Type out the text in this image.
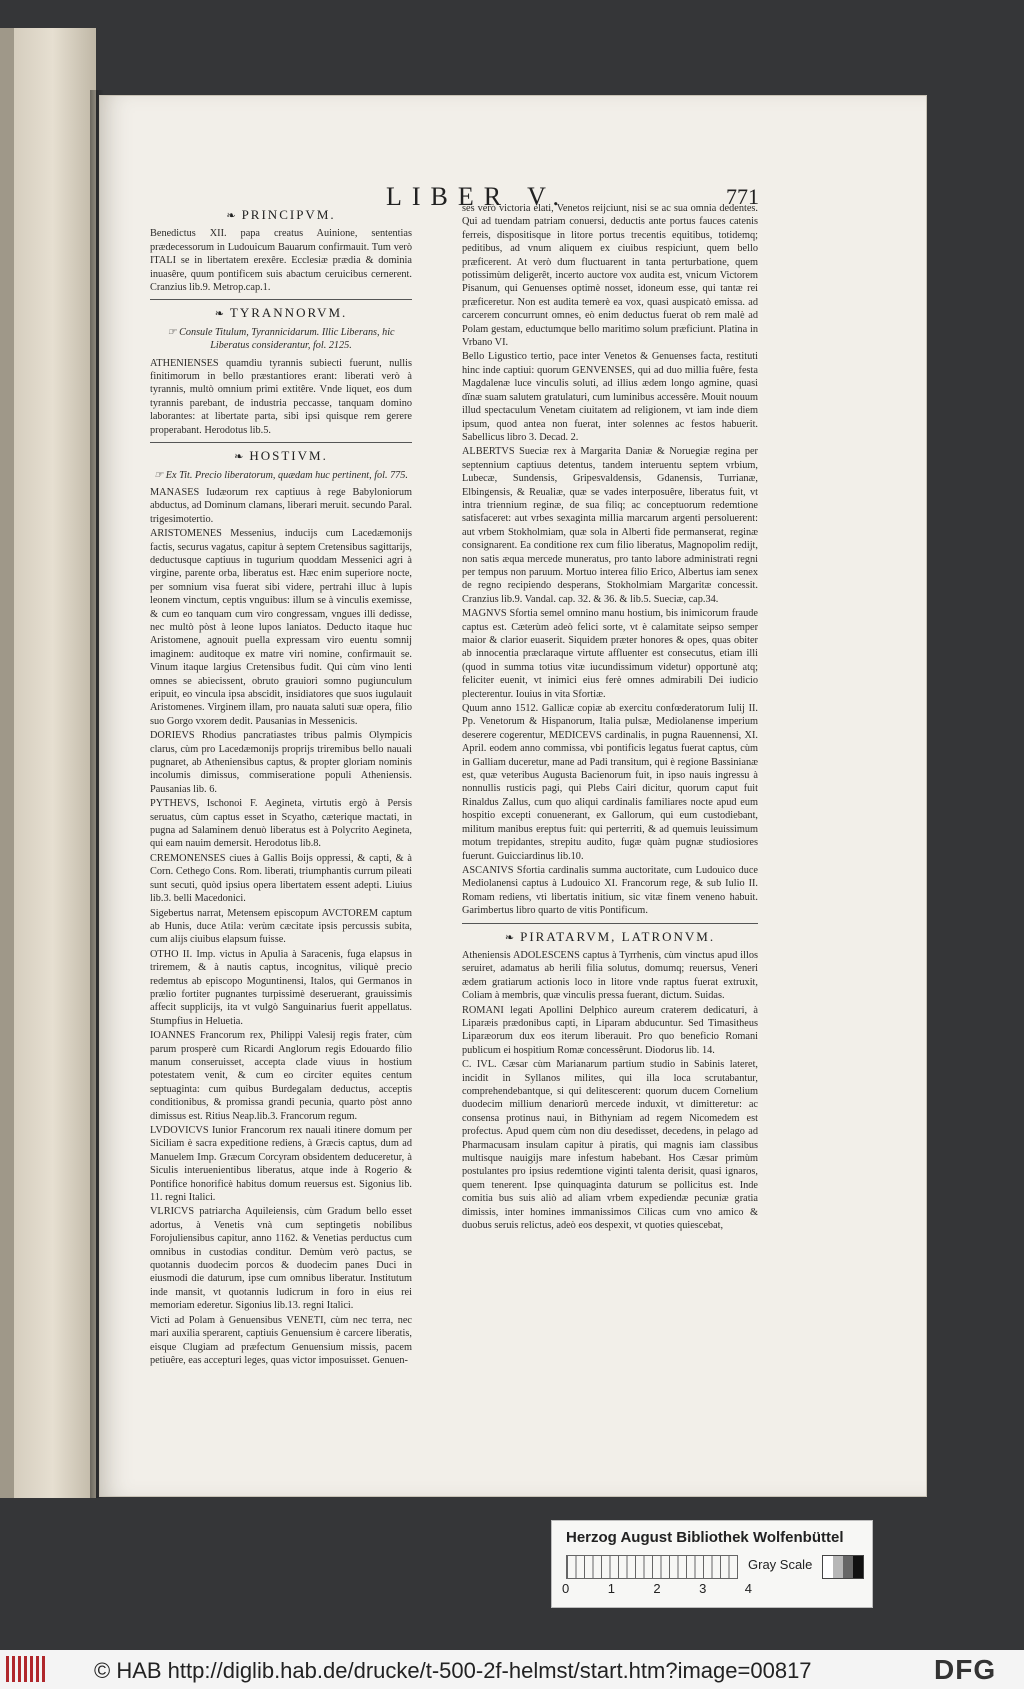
LIBER V.	771
❧ PRINCIPVM.

Benedictus XII. papa creatus Auinione, sententias prædecessorum in Ludouicum Bauarum confirmauit. Tum verò ITALI se in libertatem erexêre. Ecclesiæ prædia & dominia inuasêre, quum pontificem suis abactum ceruicibus cernerent. Cranzius lib.9. Metrop.cap.1.

❧ TYRANNORVM.
☞ Consule Titulum, Tyrannicidarum. Illic Liberans, hic Liberatus considerantur, fol. 2125.

ATHENIENSES quamdiu tyrannis subiecti fuerunt, nullis finitimorum in bello præstantiores erant: liberati verò à tyrannis, multò omnium primi extitêre. Vnde liquet, eos dum tyrannis parebant, de industria peccasse, tanquam domino laborantes: at libertate parta, sibi ipsi quisque rem gerere properabant. Herodotus lib.5.

❧ HOSTIVM.
☞ Ex Tit. Precio liberatorum, quædam huc pertinent, fol. 775.

MANASES Iudæorum rex captiuus à rege Babyloniorum abductus, ad Dominum clamans, liberari meruit. secundo Paral. trigesimotertio.

ARISTOMENES Messenius, inducijs cum Lacedæmonijs factis, securus vagatus, capitur à septem Cretensibus sagittarijs, deductusque captiuus in tugurium quoddam Messenici agri à virgine, parente orba, liberatus est. Hæc enim superiore nocte, per somnium visa fuerat sibi videre, pertrahi illuc à lupis leonem vinctum, ceptis vnguibus: illum se à vinculis exemisse, & cum eo tanquam cum viro congressam, vngues illi dedisse, nec multò pòst à leone lupos laniatos. Deducto itaque huc Aristomene, agnouit puella expressam viro euentu somnij imaginem: auditoque ex matre viri nomine, confirmauit se. Vinum itaque largius Cretensibus fudit. Qui cùm vino lenti omnes se abiecissent, obruto grauiori somno pugiunculum eripuit, eo vincula ipsa abscidit, insidiatores que suos iugulauit Aristomenes. Virginem illam, pro nauata saluti suæ opera, filio suo Gorgo vxorem dedit. Pausanias in Messenicis.

DORIEVS Rhodius pancratiastes tribus palmis Olympicis clarus, cùm pro Lacedæmonijs proprijs triremibus bello nauali pugnaret, ab Atheniensibus captus, & propter gloriam nominis incolumis dimissus, commiseratione populi Atheniensis. Pausanias lib. 6.

PYTHEVS, Ischonoi F. Aegineta, virtutis ergò à Persis seruatus, cùm captus esset in Scyatho, cæterique mactati, in pugna ad Salaminem denuò liberatus est à Polycrito Aegineta, qui eam nauim demersit. Herodotus lib.8.

CREMONENSES ciues à Gallis Boijs oppressi, & capti, & à Corn. Cethego Cons. Rom. liberati, triumphantis currum pileati sunt secuti, quòd ipsius opera libertatem essent adepti. Liuius lib.3. belli Macedonici.

Sigebertus narrat, Metensem episcopum AVCTOREM captum ab Hunis, duce Atila: verùm cæcitate ipsis percussis subita, cum alijs ciuibus elapsum fuisse.

OTHO II. Imp. victus in Apulia à Saracenis, fuga elapsus in triremem, & à nautis captus, incognitus, viliquè precio redemtus ab episcopo Moguntinensi, Italos, qui Germanos in prælio fortiter pugnantes turpissimè deseruerant, grauissimis affecit supplicijs, ita vt vulgò Sanguinarius fuerit appellatus. Stumpfius in Heluetia.

IOANNES Francorum rex, Philippi Valesij regis frater, cùm parum prosperè cum Ricardi Anglorum regis Edouardo filio manum conseruisset, accepta clade viuus in hostium potestatem venit, & cum eo circiter equites centum septuaginta: cum quibus Burdegalam deductus, acceptis conditionibus, & promissa grandi pecunia, quarto pòst anno dimissus est. Ritius Neap.lib.3. Francorum regum.

LVDOVICVS Iunior Francorum rex nauali itinere domum per Siciliam è sacra expeditione rediens, à Græcis captus, dum ad Manuelem Imp. Græcum Corcyram obsidentem deduceretur, à Siculis interuenientibus liberatus, atque inde à Rogerio & Pontifice honorificè habitus domum reuersus est. Sigonius lib. 11. regni Italici.

VLRICVS patriarcha Aquileiensis, cùm Gradum bello esset adortus, à Venetis vnà cum septingetis nobilibus Forojuliensibus capitur, anno 1162. & Venetias perductus cum omnibus in custodias conditur. Demùm verò pactus, se quotannis duodecim porcos & duodecim panes Duci in eiusmodi die daturum, ipse cum omnibus liberatur. Institutum inde mansit, vt quotannis ludicrum in foro in eius rei memoriam ederetur. Sigonius lib.13. regni Italici.

Victi ad Polam à Genuensibus VENETI, cùm nec terra, nec mari auxilia sperarent, captiuis Genuensium è carcere liberatis, eisque Clugiam ad præfectum Genuensium missis, pacem petiuêre, eas accepturi leges, quas victor imposuisset. Genuen-

ses verò victoria elati, Venetos reijciunt, nisi se ac sua omnia dedentes. Qui ad tuendam patriam conuersi, deductis ante portus fauces catenis ferreis, dispositisque in litore portus trecentis equitibus, totidemq; peditibus, ad vnum aliquem ex ciuibus respiciunt, quem bello præficerent. At verò dum fluctuarent in tanta perturbatione, quem potissimùm deligerêt, incerto auctore vox audita est, vnicum Victorem Pisanum, qui Genuenses optimè nosset, idoneum esse, qui tantæ rei præficeretur. Non est audita temerè ea vox, quasi auspicatò emissa. ad carcerem concurrunt omnes, eò enim deductus fuerat ob rem malè ad Polam gestam, eductumque bello maritimo solum præficiunt. Platina in Vrbano VI.

Bello Ligustico tertio, pace inter Venetos & Genuenses facta, restituti hinc inde captiui: quorum GENVENSES, qui ad duo millia fuêre, festa Magdalenæ luce vinculis soluti, ad illius ædem longo agmine, quasi dïnæ suam salutem gratulaturi, cum luminibus accessêre. Mouit nouum illud spectaculum Venetam ciuitatem ad religionem, vt iam inde diem ipsum, quod antea non fuerat, inter solennes ac festos habuerit. Sabellicus libro 3. Decad. 2.

ALBERTVS Sueciæ rex à Margarita Daniæ & Noruegiæ regina per septennium captiuus detentus, tandem interuentu septem vrbium, Lubecæ, Sundensis, Gripesvaldensis, Gdanensis, Turrianæ, Elbingensis, & Reualiæ, quæ se vades interposuêre, liberatus fuit, vt intra triennium reginæ, de sua filiq; ac conceptuorum redemtione satisfaceret: aut vrbes sexaginta millia marcarum argenti persoluerent: aut vrbem Stokholmiam, quæ sola in Alberti fide permanserat, reginæ consignarent. Ea conditione rex cum filio liberatus, Magnopolim redijt, non satis æqua mercede muneratus, pro tanto labore administrati regni per tempus non paruum. Mortuo interea filio Erico, Albertus iam senex de regno recipiendo desperans, Stokholmiam Margaritæ concessit. Cranzius lib.9. Vandal. cap. 32. & 36. & lib.5. Sueciæ, cap.34.

MAGNVS Sfortia semel omnino manu hostium, bis inimicorum fraude captus est. Cæterùm adeò felici sorte, vt è calamitate seipso semper maior & clarior euaserit. Siquidem præter honores & opes, quas obiter ab innocentia præclaraque virtute affluenter est consecutus, etiam illi (quod in summa totius vitæ iucundissimum videtur) opportunè atq; feliciter euenit, vt inimici eius ferè omnes admirabili Dei iudicio plecterentur. Iouius in vita Sfortiæ.

Quum anno 1512. Gallicæ copiæ ab exercitu confœderatorum Iulij II. Pp. Venetorum & Hispanorum, Italia pulsæ, Mediolanense imperium deserere cogerentur, MEDICEVS cardinalis, in pugna Rauennensi, XI. April. eodem anno commissa, vbi pontificis legatus fuerat captus, cùm in Galliam duceretur, mane ad Padi transitum, qui è regione Bassinianæ est, quæ veteribus Augusta Bacienorum fuit, in ipso nauis ingressu à nonnullis rusticis pagi, qui Plebs Cairi dicitur, quorum caput fuit Rinaldus Zallus, cum quo aliqui cardinalis familiares nocte apud eum hospitio excepti conuenerant, ex Gallorum, qui eum custodiebant, militum manibus ereptus fuit: qui perterriti, & ad quemuis leuissimum motum trepidantes, strepitu audito, fugæ quàm pugnæ studiosiores fuerunt. Guicciardinus lib.10.

ASCANIVS Sfortia cardinalis summa auctoritate, cum Ludouico duce Mediolanensi captus à Ludouico XI. Francorum rege, & sub Iulio II. Romam rediens, vti libertatis initium, sic vitæ finem veneno habuit. Garimbertus libro quarto de vitis Pontificum.

❧ PIRATARVM, LATRONVM.

Atheniensis ADOLESCENS captus à Tyrrhenis, cùm vinctus apud illos seruiret, adamatus ab herili filia solutus, domumq; reuersus, Veneri ædem gratiarum actionis loco in litore vnde raptus fuerat extruxit, Coliam à membris, quæ vinculis pressa fuerant, dictum. Suidas.

ROMANI legati Apollini Delphico aureum craterem dedicaturi, à Liparæis prædonibus capti, in Liparam abducuntur. Sed Timasitheus Liparæorum dux eos iterum liberauit. Pro quo beneficio Romani publicum ei hospitium Romæ concessêrunt. Diodorus lib. 14.

C. IVL. Cæsar cùm Marianarum partium studio in Sabinis lateret, incidit in Syllanos milites, qui illa loca scrutabantur, comprehendebantque, si qui delitescerent: quorum ducem Cornelium duodecim millium denariorû mercede induxit, vt dimitteretur: ac consensa protinus naui, in Bithyniam ad regem Nicomedem est profectus. Apud quem cùm non diu desedisset, decedens, in pelago ad Pharmacusam insulam capitur à piratis, qui magnis iam classibus multisque nauigijs mare infestum habebant. Hos Cæsar primùm postulantes pro ipsius redemtione viginti talenta derisit, quasi ignaros, quem tenerent. Ipse quinquaginta daturum se pollicitus est. Inde comitia bus suis aliò ad aliam vrbem expediendæ pecuniæ gratia dimissis, inter homines immanissimos Cilicas cum vno amico & duobus seruis relictus, adeò eos despexit, vt quoties quiescebat,

Herzog August Bibliothek Wolfenbüttel
0	1	2	3	4
Gray Scale
© HAB http://diglib.hab.de/drucke/t-500-2f-helmst/start.htm?image=00817	DFG
